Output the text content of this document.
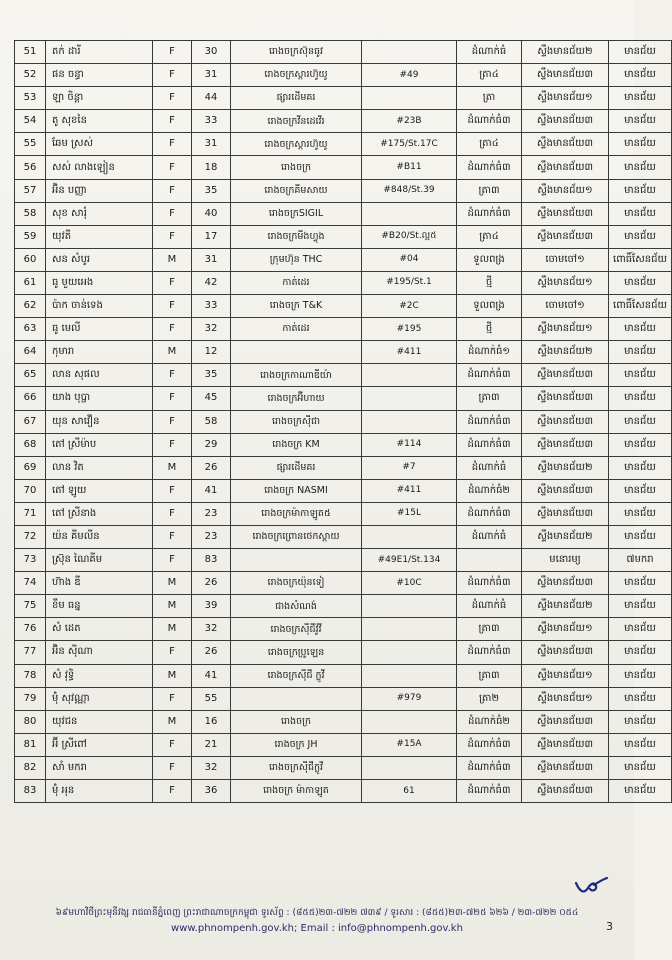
51	តក់ ដារី	F	30	រោងចក្រស៊ុនធូវ		ដំណាក់ធំ	ស្ទឹងមានជ័យ២	មានជ័យ
52	ផន ចន្ធា	F	31	រោងចក្រស្តារហ៊ូយូ	#49	ត្រា៤	ស្ទឹងមានជ័យ៣	មានជ័យ
53	ឡា ចិន្តា	F	44	ផ្សារដើមគរ		ត្រា	ស្ទឹងមានជ័យ១	មានជ័យ
54	តូ សុខនៃ	F	33	រោងចក្រវីនដេវើរ	#23B	ដំណាក់ធំ៣	ស្ទឹងមានជ័យ៣	មានជ័យ
55	ឆែម ស្រស់	F	31	រោងចក្រស្តារហ៊ូយូ	#175/St.17C	ត្រា៤	ស្ទឹងមានជ័យ៣	មានជ័យ
56	សស់ លាងឡៀន	F	18	រោងចក្រ	#B11	ដំណាក់ធំ៣	ស្ទឹងមានជ័យ៣	មានជ័យ
57	អ៊ិន បញ្ញា	F	35	រោងចក្រគីមសាយ	#848/St.39	ត្រា៣	ស្ទឹងមានជ័យ១	មានជ័យ
58	សុខ សារុំ	F	40	រោងចក្រSIGIL		ដំណាក់ធំ៣	ស្ទឹងមានជ័យ៣	មានជ័យ
59	យុវតី	F	17	រោងចក្រមីងហ្វុង	#B20/St.ល្អ៥	ត្រា៤	ស្ទឹងមានជ័យ៣	មានជ័យ
60	សន សំបូរ	M	31	ក្រុមហ៊ុន THC	#04	ទួលពង្រ	ចោមចៅ១	ពោធិ៍សែនជ័យ
61	ធូ មួយអេង	F	42	កាត់ដេរ	#195/St.1	ថ្មី	ស្ទឹងមានជ័យ១	មានជ័យ
62	ប៉ាក ចាន់ទេង	F	33	រោងចក្រ T&K	#2C	ទួលពង្រ	ចោមចៅ១	ពោធិ៍សែនជ័យ
63	ធូ មេលី	F	32	កាត់ដេរ	#195	ថ្មី	ស្ទឹងមានជ័យ១	មានជ័យ
64	កុមារា	M	12		#411	ដំណាក់ធំ១	ស្ទឹងមានជ័យ២	មានជ័យ
65	លាន សុផល	F	35	រោងចក្រកាណាឌីយ៉ា		ដំណាក់ធំ៣	ស្ទឹងមានជ័យ៣	មានជ័យ
66	យាង បុប្ផា	F	45	រោងចក្រអ៊ីហាយ		ត្រា៣	ស្ទឹងមានជ័យ៣	មានជ័យ
67	យុន សាវឿន	F	58	រោងចក្រស៊ីជា		ដំណាក់ធំ៣	ស្ទឹងមានជ័យ៣	មានជ័យ
68	តៅ ស្រីម៉ាប	F	29	រោងចក្រ KM	#114	ដំណាក់ធំ៣	ស្ទឹងមានជ័យ៣	មានជ័យ
69	លាន វិត	M	26	ផ្សារដើមគរ	#7	ដំណាក់ធំ	ស្ទឹងមានជ័យ២	មានជ័យ
70	តៅ ឡូយ	F	41	រោងចក្រ NASMI	#411	ដំណាក់ធំ២	ស្ទឹងមានជ័យ៣	មានជ័យ
71	តៅ ស្រីនាង	F	23	រោងចក្រម៉ាកាឡូត៥	#15L	ដំណាក់ធំ៣	ស្ទឹងមានជ័យ៣	មានជ័យ
72	យ៉ន គីមលីន	F	23	រោងចក្រព្រោនថេកស្តាយ		ដំណាក់ធំ	ស្ទឹងមានជ័យ២	មានជ័យ
73	ស្រ៊ុន ណៃគីម	F	83		#49E1/St.134		មនោរម្យ	៧មករា
74	ហ៊ាង ឌី	M	26	រោងចក្រយ៉ុនទៀ	#10C	ដំណាក់ធំ៣	ស្ទឹងមានជ័យ៣	មានជ័យ
75	ខឹម ធន្ន	M	39	ជាងសំណង់		ដំណាក់ធំ	ស្ទឹងមានជ័យ២	មានជ័យ
76	សំ ដេត	M	32	រោងចក្រស៊ីជីវ៉ូវី		ត្រា៣	ស្ទឹងមានជ័យ១	មានជ័យ
77	អ៊ិន ស៊ីណា	F	26	រោងចក្រប្រូឡេន		ដំណាក់ធំ៣	ស្ទឹងមានជ័យ៣	មានជ័យ
78	សំ វុទ្ធិ	M	41	រោងចក្រស៊ីជី ក្លូវី		ត្រា៣	ស្ទឹងមានជ័យ១	មានជ័យ
79	ម៉ុំ សុវណ្ណា	F	55		#979	ត្រា២	ស្ទឹងមានជ័យ១	មានជ័យ
80	យុវជន	M	16	រោងចក្រ		ដំណាក់ធំ២	ស្ទឹងមានជ័យ៣	មានជ័យ
81	អ៊ី ស្រីពៅ	F	21	រោងចក្រ JH	#15A	ដំណាក់ធំ៣	ស្ទឹងមានជ័យ៣	មានជ័យ
82	សាំ មករា	F	32	រោងចក្រស៊ីជីក្លូវី		ដំណាក់ធំ៣	ស្ទឹងមានជ័យ៣	មានជ័យ
83	ម៉ុំ អុន	F	36	រោងចក្រ ម៉ាកាឡូត	61	ដំណាក់ធំ៣	ស្ទឹងមានជ័យ៣	មានជ័យ
៦៩មហាវិថីព្រះមុនីវង្ស រាជធានីភ្នំពេញ ព្រះរាជាណាចក្រកម្ពុជា ទូរស័ព្ទ : (៨៥៥)២៣-៧២២ ៧៣៩ / ទូរសារ : (៨៥៥)២៣-៧២៥ ៦២៦ / ២៣-៧២២ ០៥៤
www.phnompenh.gov.kh; Email : info@phnompenh.gov.kh	3
